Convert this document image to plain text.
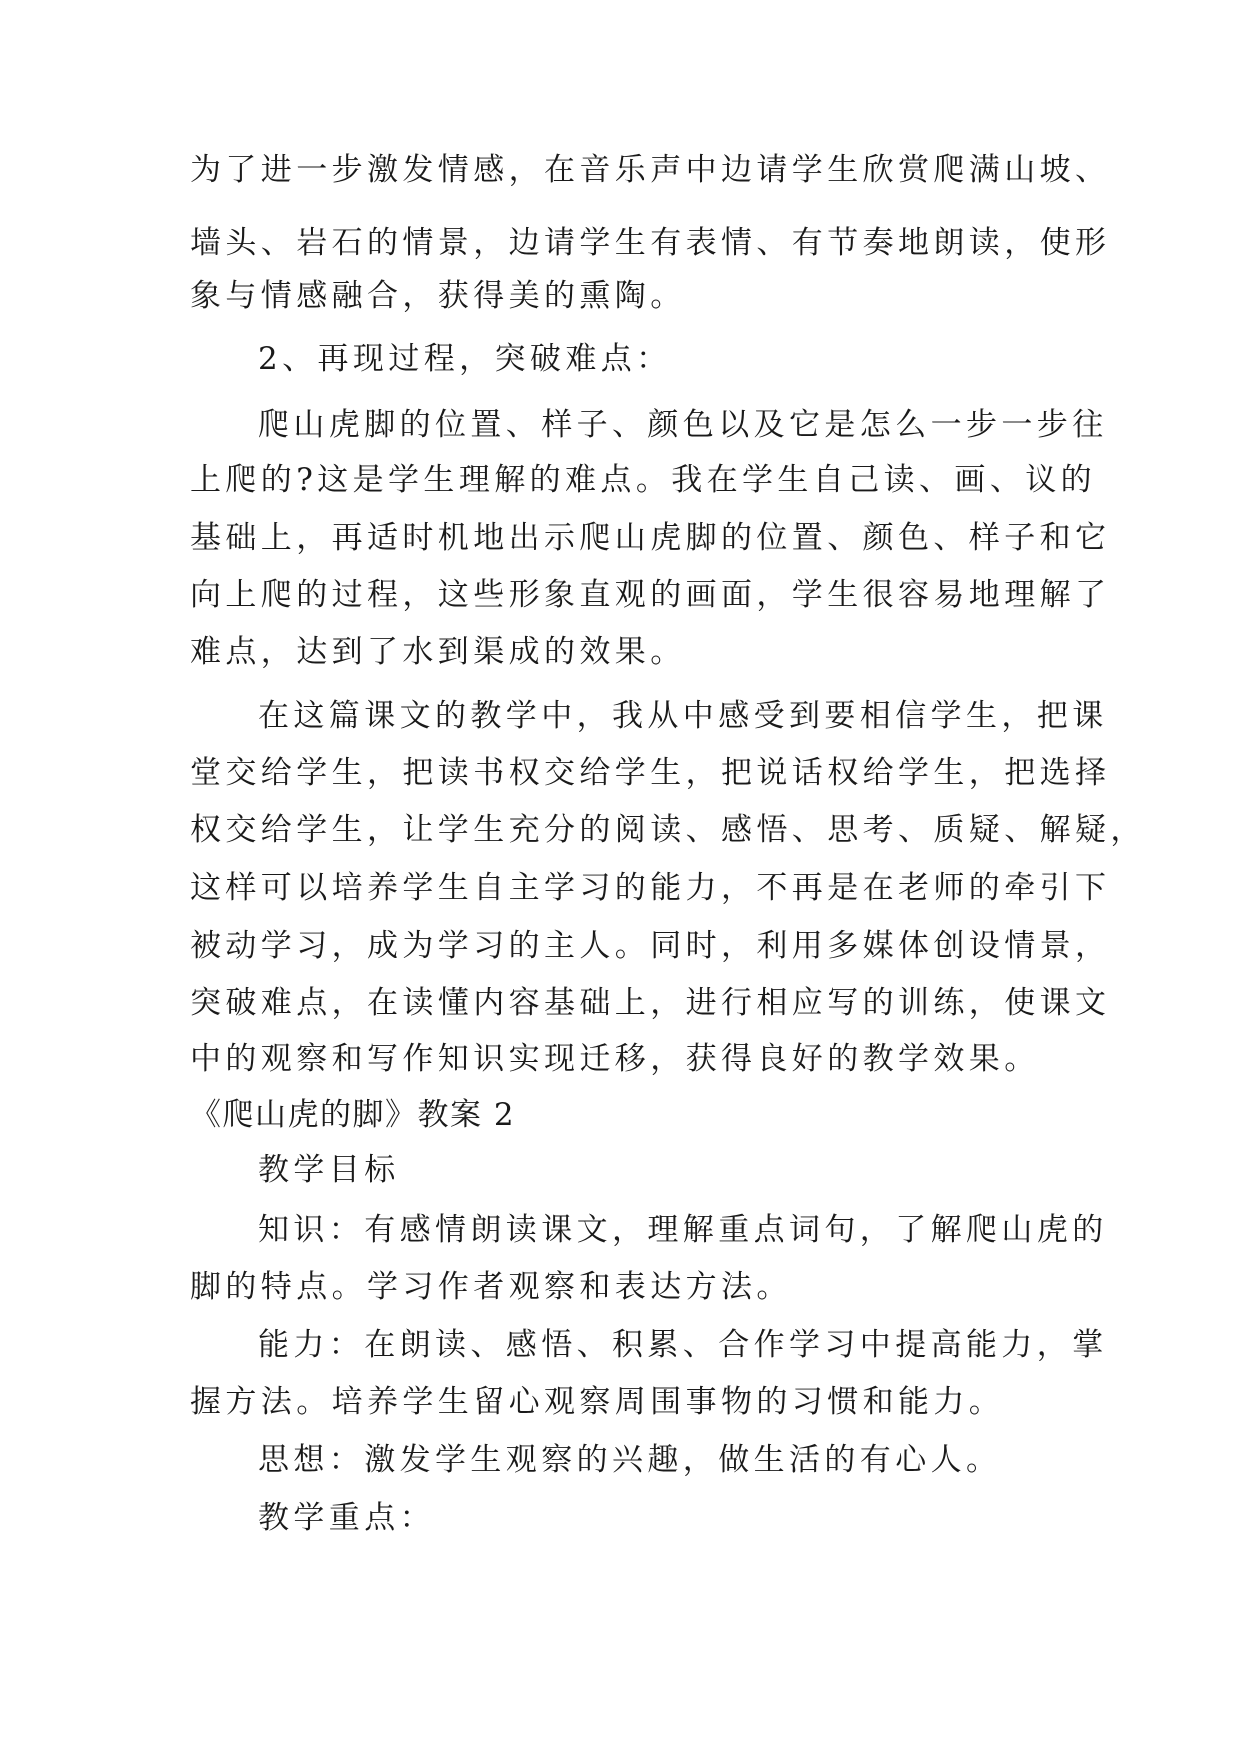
为了进一步激发情感，在音乐声中边请学生欣赏爬满山坡、
墙头、岩石的情景，边请学生有表情、有节奏地朗读，使形
象与情感融合，获得美的熏陶。
2、再现过程，突破难点：
爬山虎脚的位置、样子、颜色以及它是怎么一步一步往
上爬的?这是学生理解的难点。我在学生自己读、画、议的
基础上，再适时机地出示爬山虎脚的位置、颜色、样子和它
向上爬的过程，这些形象直观的画面，学生很容易地理解了
难点，达到了水到渠成的效果。
在这篇课文的教学中，我从中感受到要相信学生，把课
堂交给学生，把读书权交给学生，把说话权给学生，把选择
权交给学生，让学生充分的阅读、感悟、思考、质疑、解疑，
这样可以培养学生自主学习的能力，不再是在老师的牵引下
被动学习，成为学习的主人。同时，利用多媒体创设情景，
突破难点，在读懂内容基础上，进行相应写的训练，使课文
中的观察和写作知识实现迁移，获得良好的教学效果。
《爬山虎的脚》教案 2
教学目标
知识：有感情朗读课文，理解重点词句，了解爬山虎的
脚的特点。学习作者观察和表达方法。
能力：在朗读、感悟、积累、合作学习中提高能力，掌
握方法。培养学生留心观察周围事物的习惯和能力。
思想：激发学生观察的兴趣，做生活的有心人。
教学重点：
